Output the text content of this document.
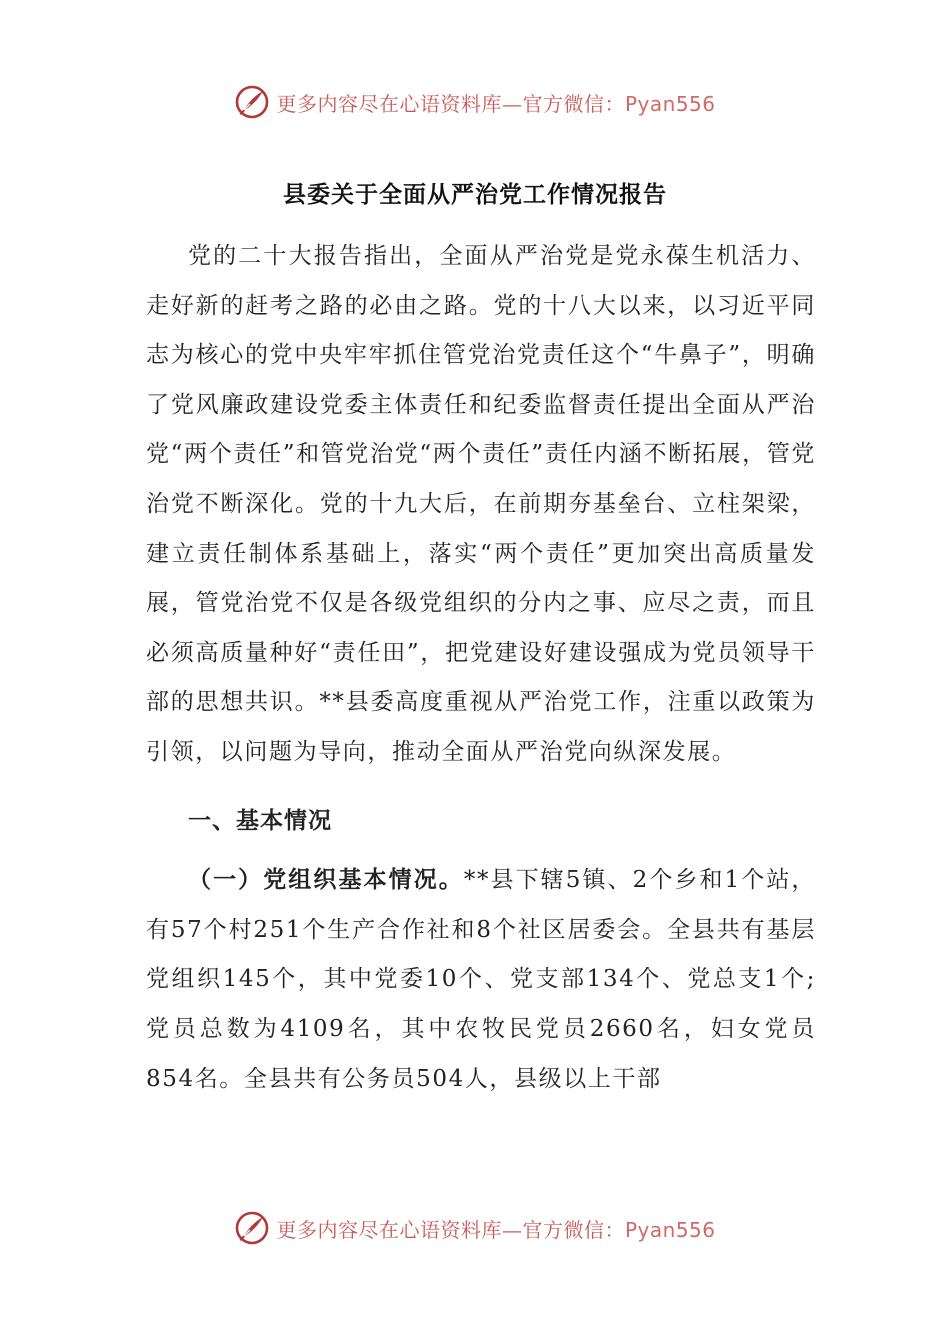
更多内容尽在心语资料库—官方微信：Pyan556
县委关于全面从严治党工作情况报告

党的二十大报告指出，全面从严治党是党永葆生机活力、走好新的赶考之路的必由之路。党的十八大以来，以习近平同志为核心的党中央牢牢抓住管党治党责任这个“牛鼻子”，明确了党风廉政建设党委主体责任和纪委监督责任提出全面从严治党“两个责任”和管党治党“两个责任”责任内涵不断拓展，管党治党不断深化。党的十九大后，在前期夯基垒台、立柱架梁，建立责任制体系基础上，落实“两个责任”更加突出高质量发展，管党治党不仅是各级党组织的分内之事、应尽之责，而且必须高质量种好“责任田”，把党建设好建设强成为党员领导干部的思想共识。**县委高度重视从严治党工作，注重以政策为引领，以问题为导向，推动全面从严治党向纵深发展。

一、基本情况

（一）党组织基本情况。**县下辖5镇、2个乡和1个站，有57个村251个生产合作社和8个社区居委会。全县共有基层党组织145个，其中党委10个、党支部134个、党总支1个;党员总数为4109名，其中农牧民党员2660名，妇女党员854名。全县共有公务员504人，县级以上干部

更多内容尽在心语资料库—官方微信：Pyan556
